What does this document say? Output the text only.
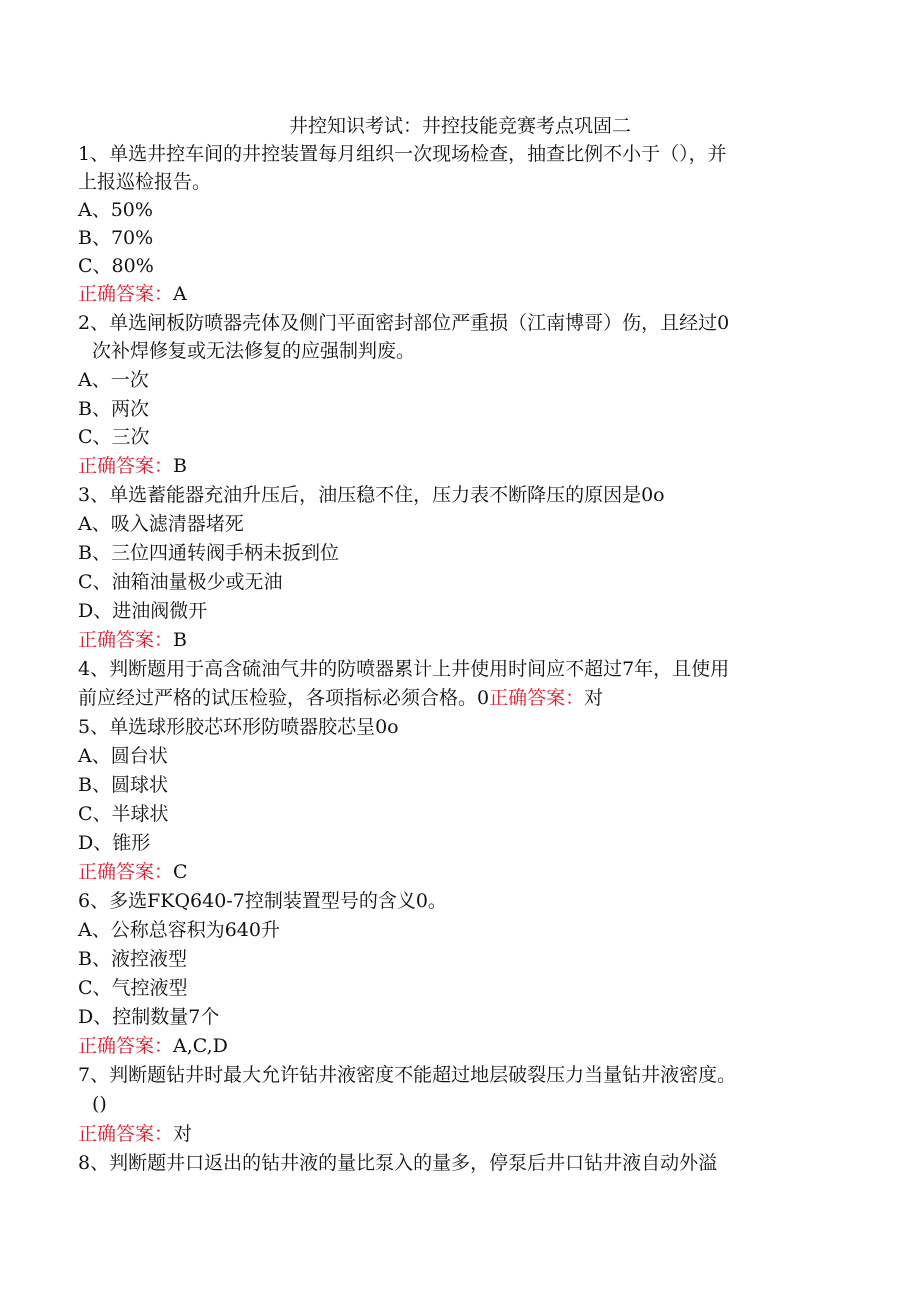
井控知识考试：井控技能竞赛考点巩固二
1、单选井控车间的井控装置每月组织一次现场检查，抽查比例不小于（），并
上报巡检报告。
A、50%
B、70%
C、80%
正确答案：A
2、单选闸板防喷器壳体及侧门平面密封部位严重损（江南博哥）伤，且经过0
次补焊修复或无法修复的应强制判废。
A、一次
B、两次
C、三次
正确答案：B
3、单选蓄能器充油升压后，油压稳不住，压力表不断降压的原因是0o
A、吸入滤清器堵死
B、三位四通转阀手柄未扳到位
C、油箱油量极少或无油
D、进油阀微开
正确答案：B
4、判断题用于高含硫油气井的防喷器累计上井使用时间应不超过7年，且使用
前应经过严格的试压检验，各项指标必须合格。0正确答案：对
5、单选球形胶芯环形防喷器胶芯呈0o
A、圆台状
B、圆球状
C、半球状
D、锥形
正确答案：C
6、多选FKQ640-7控制装置型号的含义0。
A、公称总容积为640升
B、液控液型
C、气控液型
D、控制数量7个
正确答案：A,C,D
7、判断题钻井时最大允许钻井液密度不能超过地层破裂压力当量钻井液密度。
()
正确答案：对
8、判断题井口返出的钻井液的量比泵入的量多，停泵后井口钻井液自动外溢
